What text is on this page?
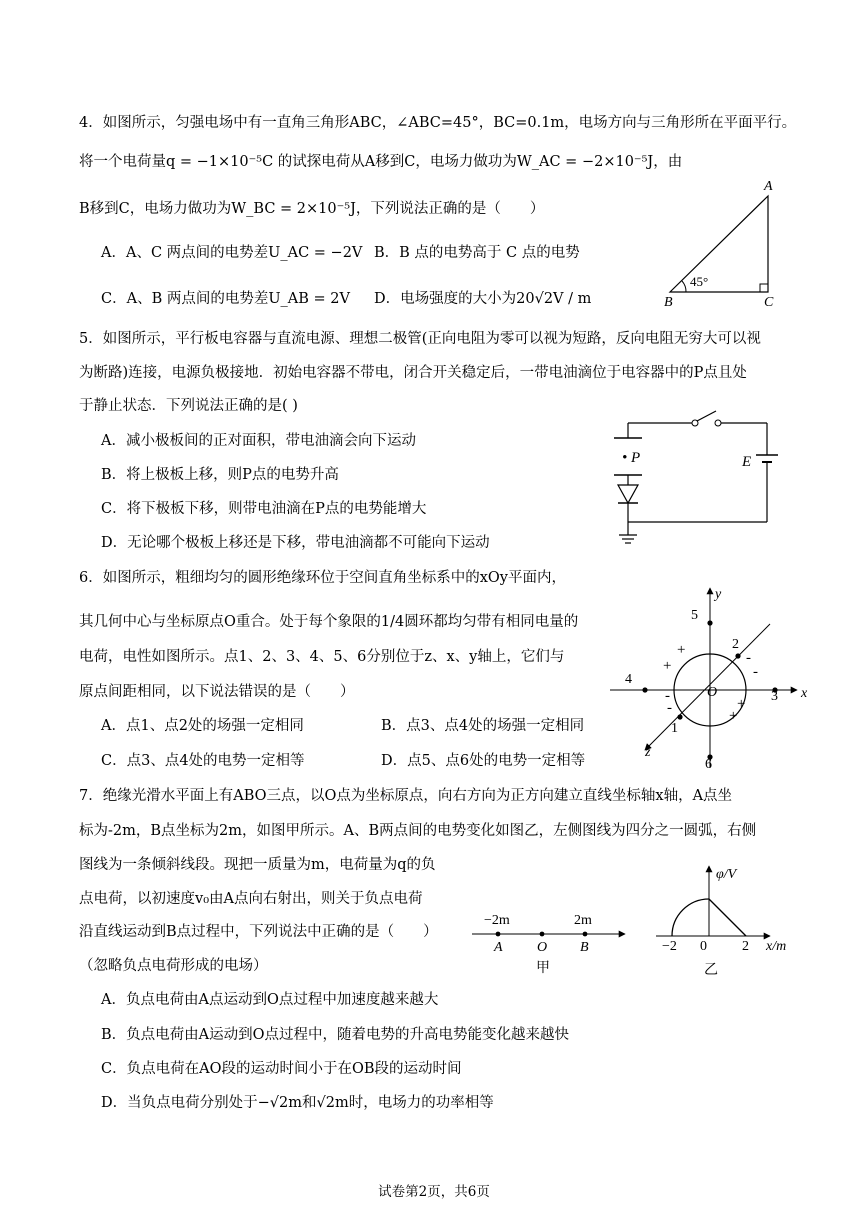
4．如图所示，匀强电场中有一直角三角形ABC，∠ABC=45°，BC=0.1m，电场方向与三角形所在平面平行。
将一个电荷量q = −1×10⁻⁵C 的试探电荷从A移到C，电场力做功为W_AC = −2×10⁻⁵J，由
B移到C，电场力做功为W_BC = 2×10⁻⁵J，下列说法正确的是（　　）
A．A、C 两点间的电势差U_AC = −2V B．B 点的电势高于 C 点的电势
C．A、B 两点间的电势差U_AB = 2V D．电场强度的大小为20√2V / m
A
B	C
45°
5．如图所示，平行板电容器与直流电源、理想二极管(正向电阻为零可以视为短路，反向电阻无穷大可以视
为断路)连接，电源负极接地．初始电容器不带电，闭合开关稳定后，一带电油滴位于电容器中的P点且处
于静止状态．下列说法正确的是( )
A．减小极板间的正对面积，带电油滴会向下运动
B．将上极板上移，则P点的电势升高
C．将下极板下移，则带电油滴在P点的电势能增大
D．无论哪个极板上移还是下移，带电油滴都不可能向下运动
• P	E
6．如图所示，粗细均匀的圆形绝缘环位于空间直角坐标系中的xOy平面内，
其几何中心与坐标原点O重合。处于每个象限的1/4圆环都均匀带有相同电量的
电荷，电性如图所示。点1、2、3、4、5、6分别位于z、x、y轴上，它们与
原点间距相同，以下说法错误的是（　　）
A．点1、点2处的场强一定相同	B．点3、点4处的场强一定相同
C．点3、点4处的电势一定相等	D．点5、点6处的电势一定相等
y
x
z
O
1
2
3
4
5
6
+
+	-
-
-
-	+
+
7．绝缘光滑水平面上有ABO三点，以O点为坐标原点，向右方向为正方向建立直线坐标轴x轴，A点坐
标为-2m，B点坐标为2m，如图甲所示。A、B两点间的电势变化如图乙，左侧图线为四分之一圆弧，右侧
图线为一条倾斜线段。现把一质量为m，电荷量为q的负
点电荷，以初速度v₀由A点向右射出，则关于负点电荷
沿直线运动到B点过程中，下列说法中正确的是（　　）
（忽略负点电荷形成的电场）
A．负点电荷由A点运动到O点过程中加速度越来越大
B．负点电荷由A运动到O点过程中，随着电势的升高电势能变化越来越快
C．负点电荷在AO段的运动时间小于在OB段的运动时间
D．当负点电荷分别处于−√2m和√2m时，电场力的功率相等
−2m	2m
A O B
甲
φ/V
x/m
−2 0	2
乙
试卷第2页，共6页
